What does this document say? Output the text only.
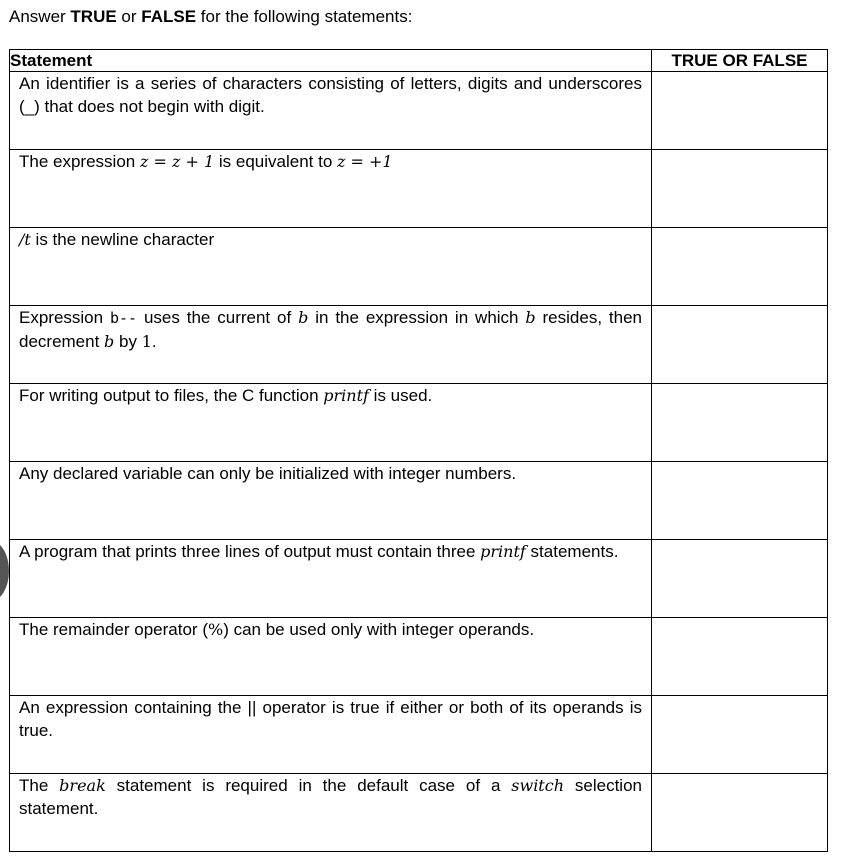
Answer TRUE or FALSE for the following statements:
Statement	TRUE OR FALSE
An identifier is a series of characters consisting of letters, digits and underscores (_) that does not begin with digit.	
The expression z = z + 1 is equivalent to z = +1	
/t is the newline character	
Expression b-- uses the current of b in the expression in which b resides, then decrement b by 1.	
For writing output to files, the C function printf is used.	
Any declared variable can only be initialized with integer numbers.	
A program that prints three lines of output must contain three printf statements.	
The remainder operator (%) can be used only with integer operands.	
An expression containing the || operator is true if either or both of its operands is true.	
The break statement is required in the default case of a switch selection statement.	
